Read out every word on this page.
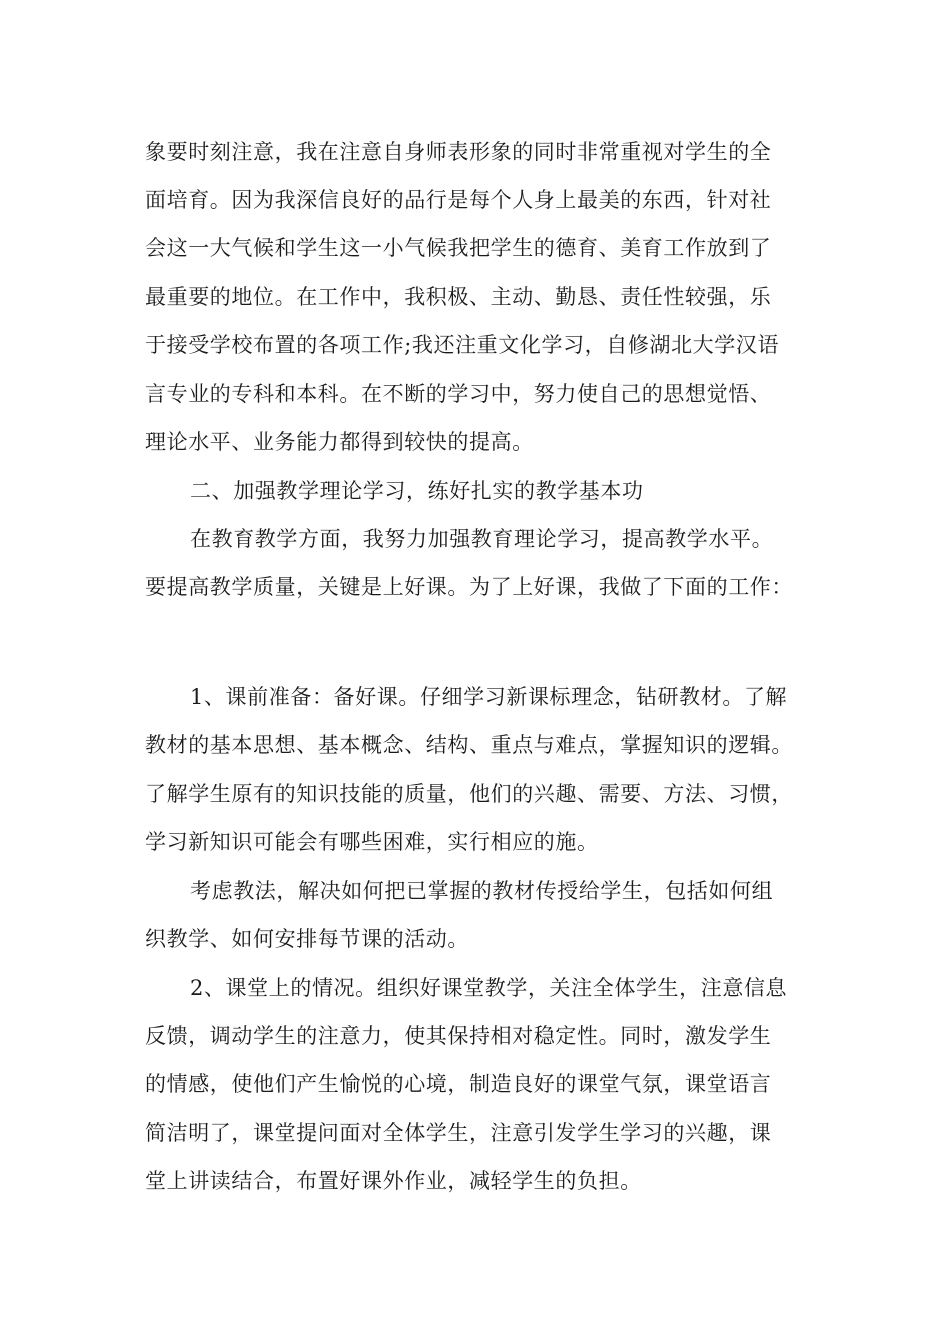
象要时刻注意，我在注意自身师表形象的同时非常重视对学生的全
面培育。因为我深信良好的品行是每个人身上最美的东西，针对社
会这一大气候和学生这一小气候我把学生的德育、美育工作放到了
最重要的地位。在工作中，我积极、主动、勤恳、责任性较强，乐
于接受学校布置的各项工作;我还注重文化学习，自修湖北大学汉语
言专业的专科和本科。在不断的学习中，努力使自己的思想觉悟、
理论水平、业务能力都得到较快的提高。
二、加强教学理论学习，练好扎实的教学基本功
在教育教学方面，我努力加强教育理论学习，提高教学水平。
要提高教学质量，关键是上好课。为了上好课，我做了下面的工作：
1、课前准备：备好课。仔细学习新课标理念，钻研教材。了解
教材的基本思想、基本概念、结构、重点与难点，掌握知识的逻辑。
了解学生原有的知识技能的质量，他们的兴趣、需要、方法、习惯，
学习新知识可能会有哪些困难，实行相应的施。
考虑教法，解决如何把已掌握的教材传授给学生，包括如何组
织教学、如何安排每节课的活动。
2、课堂上的情况。组织好课堂教学，关注全体学生，注意信息
反馈，调动学生的注意力，使其保持相对稳定性。同时，激发学生
的情感，使他们产生愉悦的心境，制造良好的课堂气氛，课堂语言
简洁明了，课堂提问面对全体学生，注意引发学生学习的兴趣，课
堂上讲读结合，布置好课外作业，减轻学生的负担。
